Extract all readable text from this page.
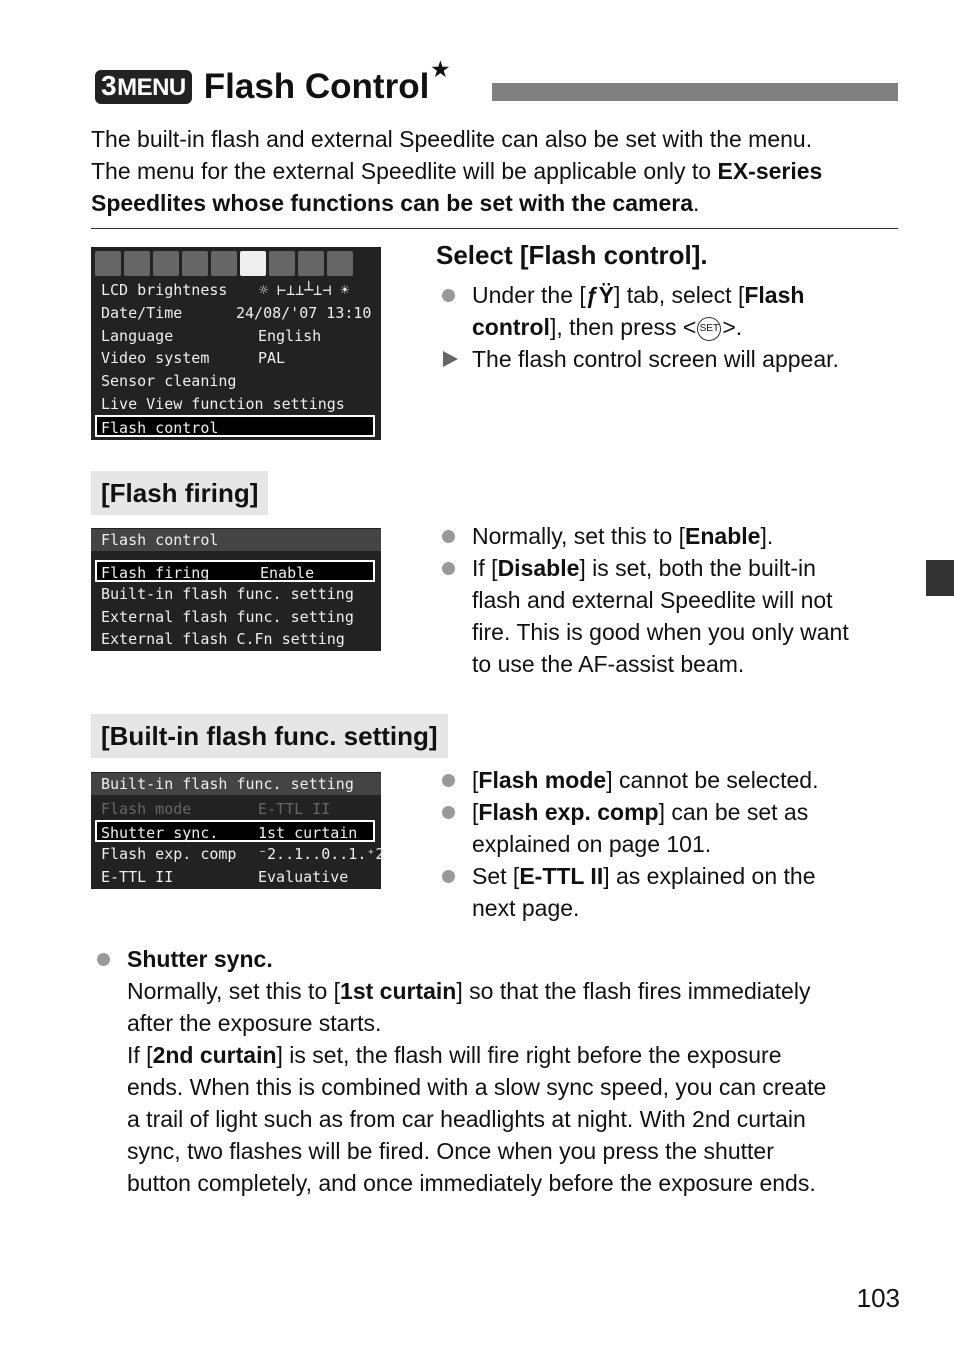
3MENU Flash Control ★
The built-in flash and external Speedlite can also be set with the menu.
The menu for the external Speedlite will be applicable only to EX-series
Speedlites whose functions can be set with the camera.
LCD brightness ☼ ⊢⊥⊥┴⊥⊣ ☀
Date/Time	24/08/'07 13:10
Language	English
Video system	PAL
Sensor cleaning
Live View function settings
Flash control
Select [Flash control].
Under the [ƒŸ] tab, select [Flash
control], then press < SET >.
The flash control screen will appear.
[Flash firing]
Flash control
Flash firing	Enable
Built-in flash func. setting
External flash func. setting
External flash C.Fn setting
Normally, set this to [Enable].
If [Disable] is set, both the built-in
flash and external Speedlite will not
fire. This is good when you only want
to use the AF-assist beam.
[Built-in flash func. setting]
Built-in flash func. setting
Flash mode	E-TTL II
Shutter sync.	1st curtain
Flash exp. comp ⁻2..1..0..1.⁺2
E-TTL II	Evaluative
[Flash mode] cannot be selected.
[Flash exp. comp] can be set as
explained on page 101.
Set [E-TTL II] as explained on the
next page.
Shutter sync.
Normally, set this to [1st curtain] so that the flash fires immediately
after the exposure starts.
If [2nd curtain] is set, the flash will fire right before the exposure
ends. When this is combined with a slow sync speed, you can create
a trail of light such as from car headlights at night. With 2nd curtain
sync, two flashes will be fired. Once when you press the shutter
button completely, and once immediately before the exposure ends.
103
